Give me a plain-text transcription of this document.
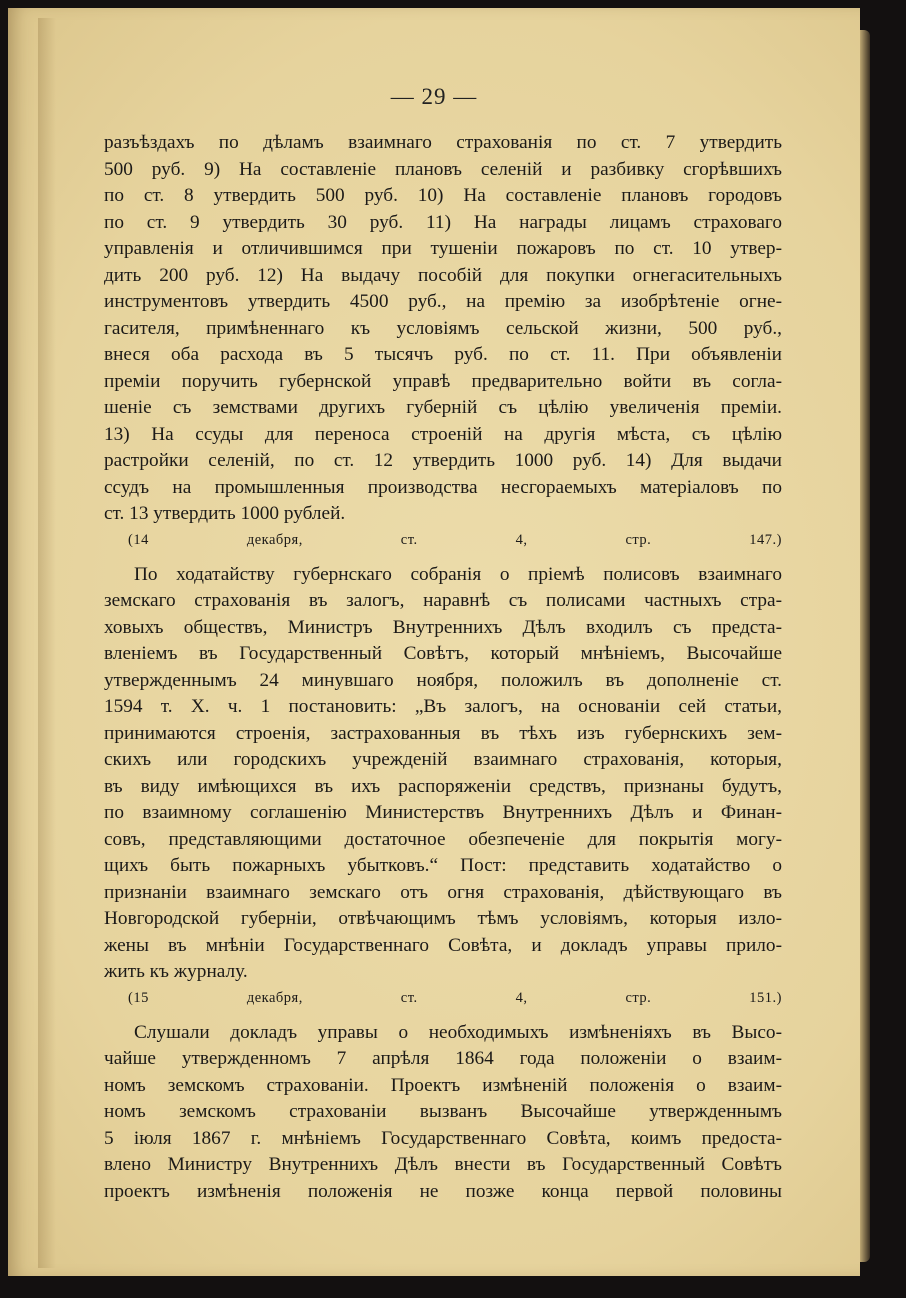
— 29 —
разъѣздахъ по дѣламъ взаимнаго страхованія по ст. 7 утвердить
500 руб. 9) На составленіе плановъ селеній и разбивку сгорѣвшихъ
по ст. 8 утвердить 500 руб. 10) На составленіе плановъ городовъ
по ст. 9 утвердить 30 руб. 11) На награды лицамъ страховаго
управленія и отличившимся при тушеніи пожаровъ по ст. 10 утвер-
дить 200 руб. 12) На выдачу пособій для покупки огнегасительныхъ
инструментовъ утвердить 4500 руб., на премію за изобрѣтеніе огне-
гасителя, примѣненнаго къ условіямъ сельской жизни, 500 руб.,
внеся оба расхода въ 5 тысячъ руб. по ст. 11. При объявленіи
преміи поручить губернской управѣ предварительно войти въ согла-
шеніе съ земствами другихъ губерній съ цѣлію увеличенія преміи.
13) На ссуды для переноса строеній на другія мѣста, съ цѣлію
растройки селеній, по ст. 12 утвердить 1000 руб. 14) Для выдачи
ссудъ на промышленныя производства несгораемыхъ матеріаловъ по
ст. 13 утвердить 1000 рублей.
(14 декабря, ст. 4, стр. 147.)
По ходатайству губернскаго собранія о пріемѣ полисовъ взаимнаго
земскаго страхованія въ залогъ, наравнѣ съ полисами частныхъ стра-
ховыхъ обществъ, Министръ Внутреннихъ Дѣлъ входилъ съ предста-
вленіемъ въ Государственный Совѣтъ, который мнѣніемъ, Высочайше
утвержденнымъ 24 минувшаго ноября, положилъ въ дополненіе ст.
1594 т. X. ч. 1 постановить: „Въ залогъ, на основаніи сей статьи,
принимаются строенія, застрахованныя въ тѣхъ изъ губернскихъ зем-
скихъ или городскихъ учрежденій взаимнаго страхованія, которыя,
въ виду имѣющихся въ ихъ распоряженіи средствъ, признаны будутъ,
по взаимному соглашенію Министерствъ Внутреннихъ Дѣлъ и Финан-
совъ, представляющими достаточное обезпеченіе для покрытія могу-
щихъ быть пожарныхъ убытковъ.“ Пост: представить ходатайство о
признаніи взаимнаго земскаго отъ огня страхованія, дѣйствующаго въ
Новгородской губерніи, отвѣчающимъ тѣмъ условіямъ, которыя изло-
жены въ мнѣніи Государственнаго Совѣта, и докладъ управы прило-
жить къ журналу.
(15 декабря, ст. 4, стр. 151.)
Слушали докладъ управы о необходимыхъ измѣненіяхъ въ Высо-
чайше утвержденномъ 7 апрѣля 1864 года положеніи о взаим-
номъ земскомъ страхованіи. Проектъ измѣненій положенія о взаим-
номъ земскомъ страхованіи вызванъ Высочайше утвержденнымъ
5 іюля 1867 г. мнѣніемъ Государственнаго Совѣта, коимъ предоста-
влено Министру Внутреннихъ Дѣлъ внести въ Государственный Совѣтъ
проектъ измѣненія положенія не позже конца первой половины
